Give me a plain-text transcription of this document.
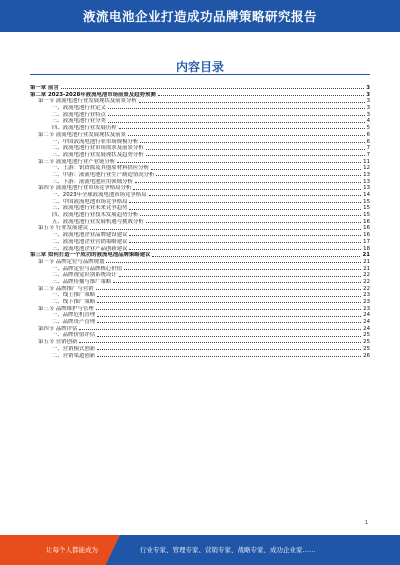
液流电池企业打造成功品牌策略研究报告
内容目录
第一章 前言	3
第二章 2023-2028年液流电池市场前景及趋势预测	3
第一节 液流电池行业发展现状及前景分析	3
一、液流电池行业定义	3
二、液流电池行业特点	3
三、液流电池行业分类	4
四、液流电池行业发展历程	5
第二节 液流电池行业发展现状及前景	6
一、中国液流电池行业市场规模分析	6
二、液流电池行业市场需求及前景分析	7
三、液流电池行业发展现状及趋势分析	7
第三节 液流电池行业产业链分析	11
一、上游：钒资源及其他原材料供应分析	12
二、中游：液流电池行业生产制造情况分析	13
三、下游：液流电池应用领域分析	13
第四节 液流电池行业市场竞争格局分析	13
一、2023年全球液流电池市场竞争格局	14
二、中国液流电池市场竞争格局	15
三、液流电池行业未来竞争趋势	15
四、液流电池行业技术发展趋势分析	15
五、液流电池行业发展机遇与挑战分析	16
第五节 行业发展建议	16
一、液流电池企业品牌建设建议	16
二、液流电池企业营销策略建议	17
三、液流电池企业产品创新建议	18
第三章 如何打造一个成功的液流电池品牌策略建议	21
第一节 品牌定位与品牌规划	21
一、品牌定位与品牌核心价值	21
二、品牌视觉识别系统设计	22
三、品牌传播与推广策略	22
第二节 品牌推广与营销	22
一、线上推广策略	23
二、线下推广策略	23
第三节 品牌维护与管理	23
一、品牌危机管理	24
二、品牌资产管理	24
第四节 品牌评估	24
一、品牌价值评估	25
第五节 营销创新	25
一、营销模式创新	25
二、营销渠道创新	26
1
让每个人都能成为	行业专家、管理专家、营销专家、战略专家、成功企业家……
